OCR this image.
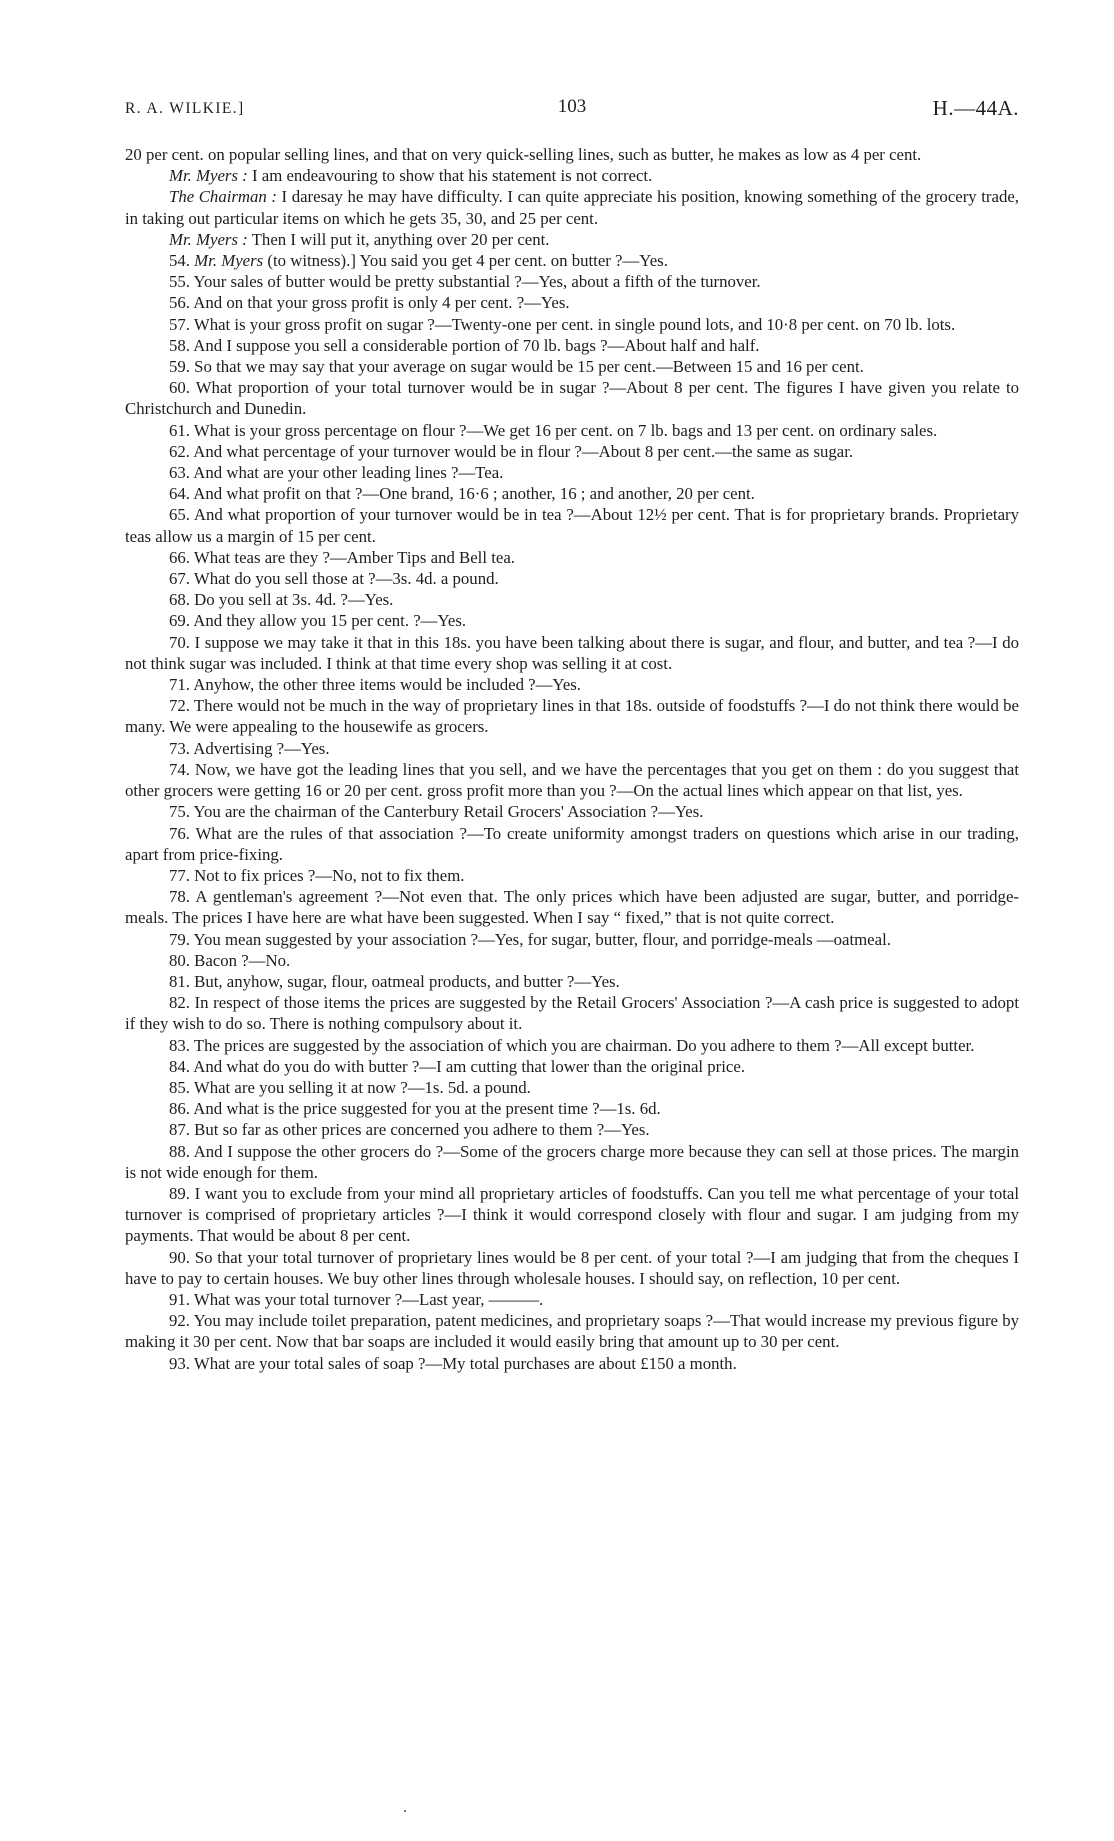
R. A. WILKIE.]	103	H.—44A.

20 per cent. on popular selling lines, and that on very quick-selling lines, such as butter, he makes as low as 4 per cent.

Mr. Myers : I am endeavouring to show that his statement is not correct.

The Chairman : I daresay he may have difficulty. I can quite appreciate his position, knowing something of the grocery trade, in taking out particular items on which he gets 35, 30, and 25 per cent.

Mr. Myers : Then I will put it, anything over 20 per cent.

54. Mr. Myers (to witness).] You said you get 4 per cent. on butter ?—Yes.

55. Your sales of butter would be pretty substantial ?—Yes, about a fifth of the turnover.

56. And on that your gross profit is only 4 per cent. ?—Yes.

57. What is your gross profit on sugar ?—Twenty-one per cent. in single pound lots, and 10·8 per cent. on 70 lb. lots.

58. And I suppose you sell a considerable portion of 70 lb. bags ?—About half and half.

59. So that we may say that your average on sugar would be 15 per cent.—Between 15 and 16 per cent.

60. What proportion of your total turnover would be in sugar ?—About 8 per cent. The figures I have given you relate to Christchurch and Dunedin.

61. What is your gross percentage on flour ?—We get 16 per cent. on 7 lb. bags and 13 per cent. on ordinary sales.

62. And what percentage of your turnover would be in flour ?—About 8 per cent.—the same as sugar.

63. And what are your other leading lines ?—Tea.

64. And what profit on that ?—One brand, 16·6 ; another, 16 ; and another, 20 per cent.

65. And what proportion of your turnover would be in tea ?—About 12½ per cent. That is for proprietary brands. Proprietary teas allow us a margin of 15 per cent.

66. What teas are they ?—Amber Tips and Bell tea.

67. What do you sell those at ?—3s. 4d. a pound.

68. Do you sell at 3s. 4d. ?—Yes.

69. And they allow you 15 per cent. ?—Yes.

70. I suppose we may take it that in this 18s. you have been talking about there is sugar, and flour, and butter, and tea ?—I do not think sugar was included. I think at that time every shop was selling it at cost.

71. Anyhow, the other three items would be included ?—Yes.

72. There would not be much in the way of proprietary lines in that 18s. outside of foodstuffs ?—I do not think there would be many. We were appealing to the housewife as grocers.

73. Advertising ?—Yes.

74. Now, we have got the leading lines that you sell, and we have the percentages that you get on them : do you suggest that other grocers were getting 16 or 20 per cent. gross profit more than you ?—On the actual lines which appear on that list, yes.

75. You are the chairman of the Canterbury Retail Grocers' Association ?—Yes.

76. What are the rules of that association ?—To create uniformity amongst traders on questions which arise in our trading, apart from price-fixing.

77. Not to fix prices ?—No, not to fix them.

78. A gentleman's agreement ?—Not even that. The only prices which have been adjusted are sugar, butter, and porridge-meals. The prices I have here are what have been suggested. When I say “ fixed,” that is not quite correct.

79. You mean suggested by your association ?—Yes, for sugar, butter, flour, and porridge-meals —oatmeal.

80. Bacon ?—No.

81. But, anyhow, sugar, flour, oatmeal products, and butter ?—Yes.

82. In respect of those items the prices are suggested by the Retail Grocers' Association ?—A cash price is suggested to adopt if they wish to do so. There is nothing compulsory about it.

83. The prices are suggested by the association of which you are chairman. Do you adhere to them ?—All except butter.

84. And what do you do with butter ?—I am cutting that lower than the original price.

85. What are you selling it at now ?—1s. 5d. a pound.

86. And what is the price suggested for you at the present time ?—1s. 6d.

87. But so far as other prices are concerned you adhere to them ?—Yes.

88. And I suppose the other grocers do ?—Some of the grocers charge more because they can sell at those prices. The margin is not wide enough for them.

89. I want you to exclude from your mind all proprietary articles of foodstuffs. Can you tell me what percentage of your total turnover is comprised of proprietary articles ?—I think it would correspond closely with flour and sugar. I am judging from my payments. That would be about 8 per cent.

90. So that your total turnover of proprietary lines would be 8 per cent. of your total ?—I am judging that from the cheques I have to pay to certain houses. We buy other lines through wholesale houses. I should say, on reflection, 10 per cent.

91. What was your total turnover ?—Last year, ———.

92. You may include toilet preparation, patent medicines, and proprietary soaps ?—That would increase my previous figure by making it 30 per cent. Now that bar soaps are included it would easily bring that amount up to 30 per cent.

93. What are your total sales of soap ?—My total purchases are about £150 a month.
